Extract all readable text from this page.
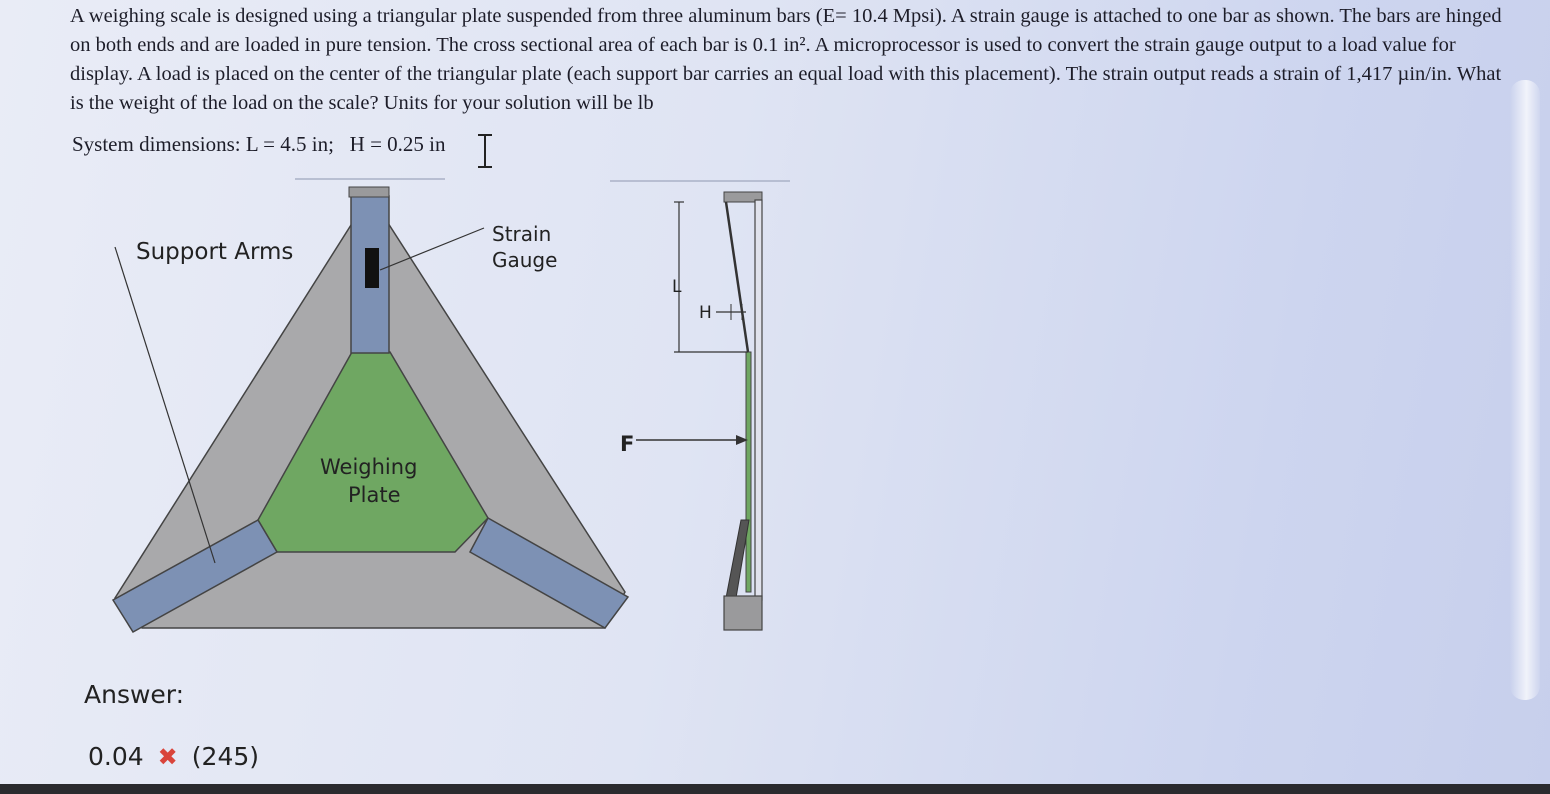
A weighing scale is designed using a triangular plate suspended from three aluminum bars (E= 10.4 Mpsi). A strain gauge is attached to one bar as shown. The bars are hinged on both ends and are loaded in pure tension. The cross sectional area of each bar is 0.1 in². A microprocessor is used to convert the strain gauge output to a load value for display. A load is placed on the center of the triangular plate (each support bar carries an equal load with this placement). The strain output reads a strain of 1,417 µin/in. What is the weight of the load on the scale? Units for your solution will be lb

System dimensions: L = 4.5 in;   H = 0.25 in
Support Arms
Strain
Gauge
Weighing
Plate
L
H
F
Answer:
0.04 ✖ (245)
